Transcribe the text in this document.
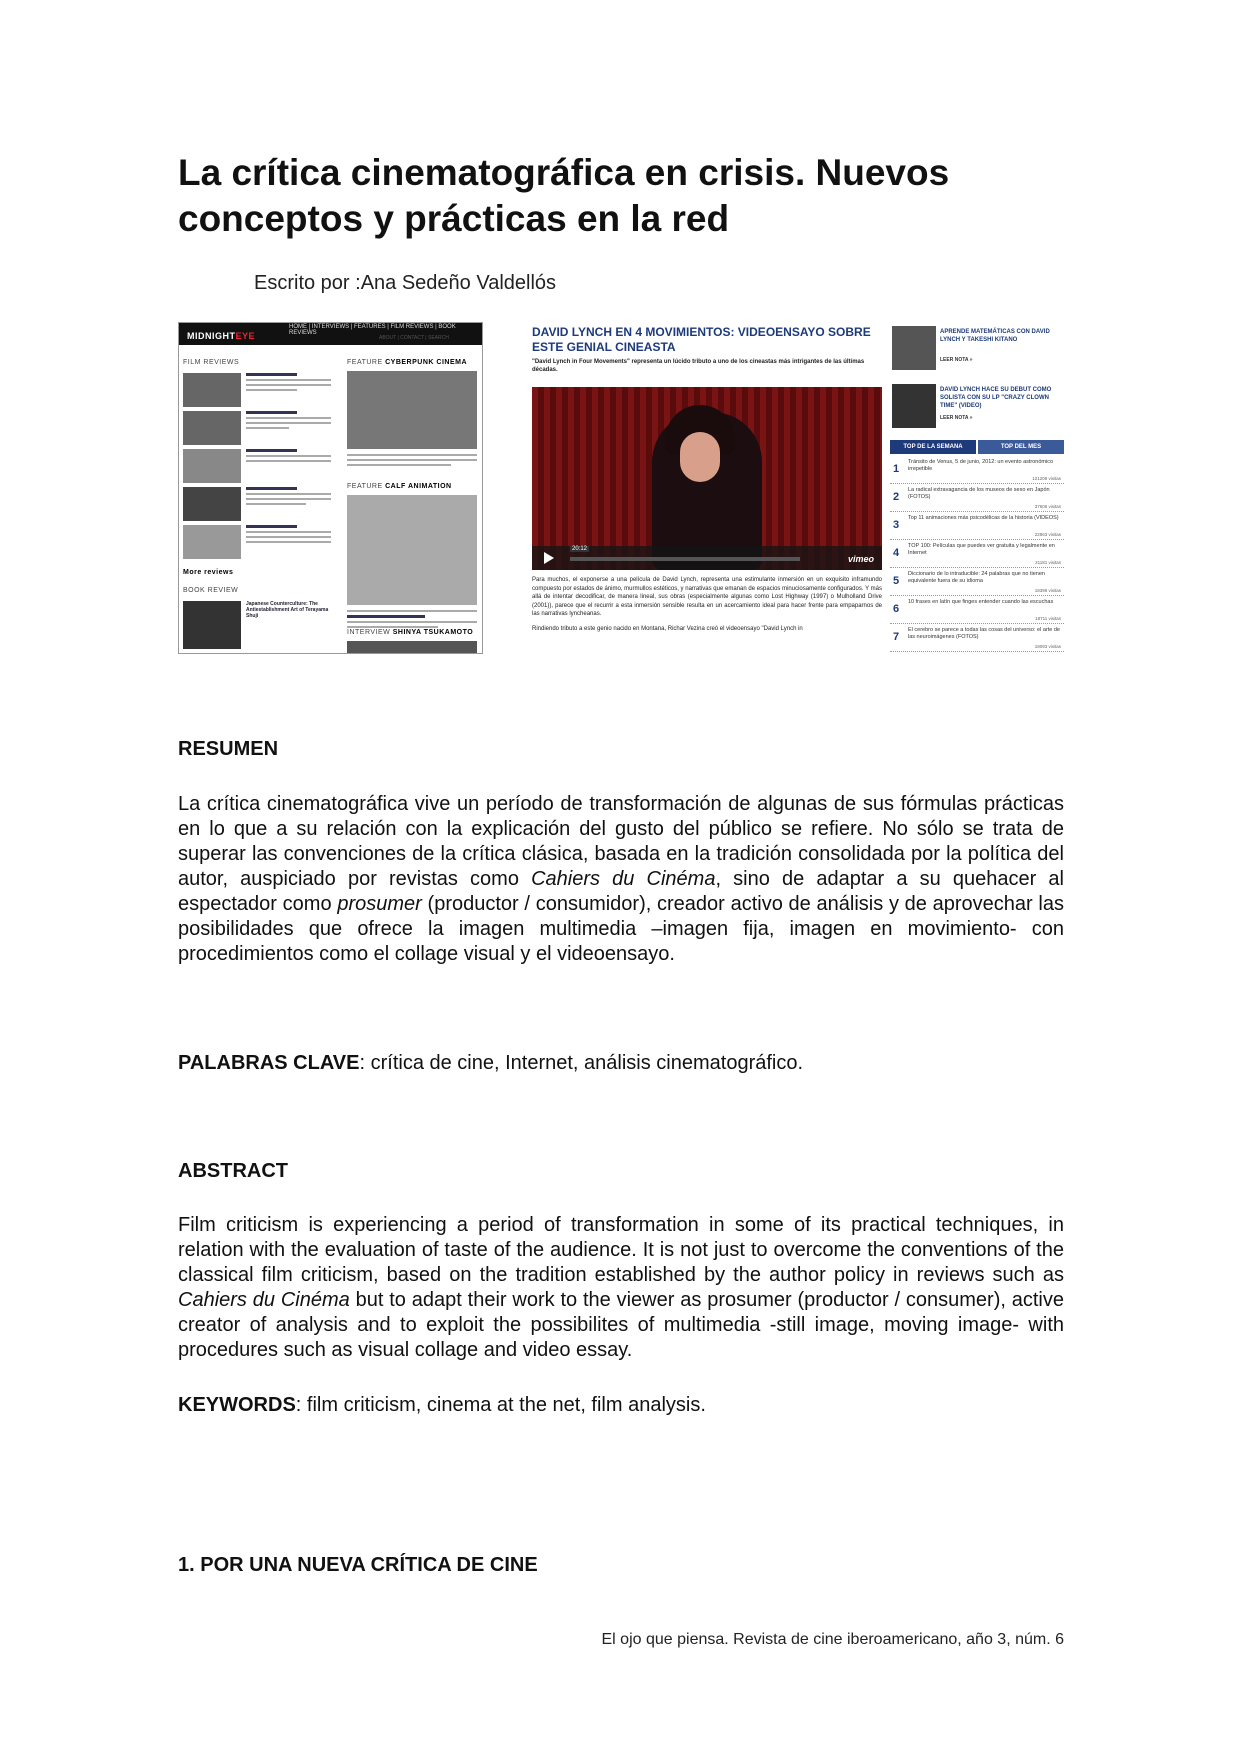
La crítica cinematográfica en crisis. Nuevos conceptos y prácticas en la red
Escrito por :Ana Sedeño Valdellós
MIDNIGHTEYE
HOME | INTERVIEWS | FEATURES | FILM REVIEWS | BOOK REVIEWS
ABOUT | CONTACT | SEARCH
FILM REVIEWS
More reviews
BOOK REVIEW
Japanese Counterculture: The Antiestablishment Art of Terayama Shuji
FEATURE CYBERPUNK CINEMA
FEATURE CALF ANIMATION
INTERVIEW SHINYA TSUKAMOTO
DAVID LYNCH EN 4 MOVIMIENTOS: VIDEOENSAYO SOBRE ESTE GENIAL CINEASTA
"David Lynch in Four Movements" representa un lúcido tributo a uno de los cineastas más intrigantes de las últimas décadas.
vimeo
20:12

Para muchos, el exponerse a una película de David Lynch, representa una estimulante inmersión en un exquisito inframundo compuesto por estados de ánimo, murmullos estéticos, y narrativas que emanan de espacios minuciosamente configurados. Y más allá de intentar decodificar, de manera lineal, sus obras (especialmente algunas como Lost Highway (1997) o Mulholland Drive (2001)), parece que el recurrir a esta inmersión sensible resulta en un acercamiento ideal para hacer frente para empaparnos de las narrativas lyncheanas.

Rindiendo tributo a este genio nacido en Montana, Richar Vezina creó el videoensayo "David Lynch in

APRENDE MATEMÁTICAS CON DAVID LYNCH Y TAKESHI KITANO
LEER NOTA »
DAVID LYNCH HACE SU DEBUT COMO SOLISTA CON SU LP "CRAZY CLOWN TIME" (VIDEO)
LEER NOTA »
TOP DE LA SEMANA	TOP DEL MES
1
Tránsito de Venus, 5 de junio, 2012: un evento astronómico irrepetible
121209 visitas
2
La radical extravagancia de los museos de sexo en Japón (FOTOS)
37606 visitas
3
Top 11 animaciones más psicodélicas de la historia (VIDEOS)
22863 visitas
4
TOP 100: Películas que puedes ver gratuita y legalmente en Internet
21181 visitas
5
Diccionario de lo intraducible: 24 palabras que no tienen equivalente fuera de su idioma
18396 visitas
6
10 frases en latín que finges entender cuando las escuchas
18711 visitas
7
El cerebro se parece a todas las cosas del universo: el arte de las neuroimágenes (FOTOS)
18093 visitas
RESUMEN
La crítica cinematográfica vive un período de transformación de algunas de sus fórmulas prácticas en lo que a su relación con la explicación del gusto del público se refiere. No sólo se trata de superar las convenciones de la crítica clásica, basada en la tradición consolidada por la política del autor, auspiciado por revistas como Cahiers du Cinéma, sino de adaptar a su quehacer al espectador como prosumer (productor / consumidor), creador activo de análisis y de aprovechar las posibilidades que ofrece la imagen multimedia –imagen fija, imagen en movimiento- con procedimientos como el collage visual y el videoensayo.
PALABRAS CLAVE: crítica de cine, Internet, análisis cinematográfico.
ABSTRACT
Film criticism is experiencing a period of transformation in some of its practical techniques, in relation with the evaluation of taste of the audience. It is not just to overcome the conventions of the classical film criticism, based on the tradition established by the author policy in reviews such as Cahiers du Cinéma but to adapt their work to the viewer as prosumer (productor / consumer), active creator of analysis and to exploit the possibilites of multimedia -still image, moving image- with procedures such as visual collage and video essay.
KEYWORDS: film criticism, cinema at the net, film analysis.
1. POR UNA NUEVA CRÍTICA DE CINE
El ojo que piensa. Revista de cine iberoamericano, año 3, núm. 6
